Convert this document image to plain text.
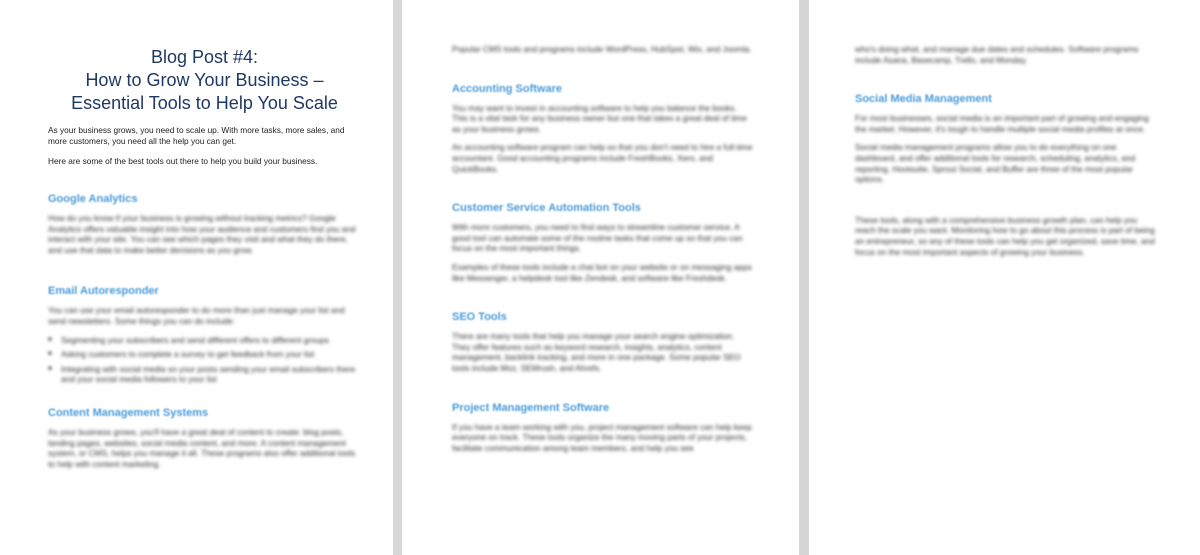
Blog Post #4:
How to Grow Your Business –
Essential Tools to Help You Scale

As your business grows, you need to scale up. With more tasks, more sales, and more customers, you need all the help you can get.

Here are some of the best tools out there to help you build your business.

Google Analytics

How do you know if your business is growing without tracking metrics? Google Analytics offers valuable insight into how your audience and customers find you and interact with your site. You can see which pages they visit and what they do there, and use that data to make better decisions as you grow.

Email Autoresponder

You can use your email autoresponder to do more than just manage your list and send newsletters. Some things you can do include:

■ Segmenting your subscribers and send different offers to different groups
■ Asking customers to complete a survey to get feedback from your list
■ Integrating with social media so your posts sending your email subscribers there and your social media followers to your list
Content Management Systems

As your business grows, you'll have a great deal of content to create: blog posts, landing pages, websites, social media content, and more. A content management system, or CMS, helps you manage it all. These programs also offer additional tools to help with content marketing.

Popular CMS tools and programs include WordPress, HubSpot, Wix, and Joomla.

Accounting Software

You may want to invest in accounting software to help you balance the books. This is a vital task for any business owner but one that takes a great deal of time as your business grows.

An accounting software program can help so that you don't need to hire a full-time accountant. Good accounting programs include FreshBooks, Xero, and QuickBooks.

Customer Service Automation Tools

With more customers, you need to find ways to streamline customer service. A good tool can automate some of the routine tasks that come up so that you can focus on the most important things.

Examples of these tools include a chat bot on your website or on messaging apps like Messenger, a helpdesk tool like Zendesk, and software like Freshdesk.

SEO Tools

There are many tools that help you manage your search engine optimization. They offer features such as keyword research, insights, analytics, content management, backlink tracking, and more in one package. Some popular SEO tools include Moz, SEMrush, and Ahrefs.

Project Management Software

If you have a team working with you, project management software can help keep everyone on track. These tools organize the many moving parts of your projects, facilitate communication among team members, and help you see

who's doing what, and manage due dates and schedules. Software programs include Asana, Basecamp, Trello, and Monday.

Social Media Management

For most businesses, social media is an important part of growing and engaging the market. However, it's tough to handle multiple social media profiles at once.

Social media management programs allow you to do everything on one dashboard, and offer additional tools for research, scheduling, analytics, and reporting. Hootsuite, Sprout Social, and Buffer are three of the most popular options.

These tools, along with a comprehensive business growth plan, can help you reach the scale you want. Monitoring how to go about this process is part of being an entrepreneur, so any of these tools can help you get organized, save time, and focus on the most important aspects of growing your business.
